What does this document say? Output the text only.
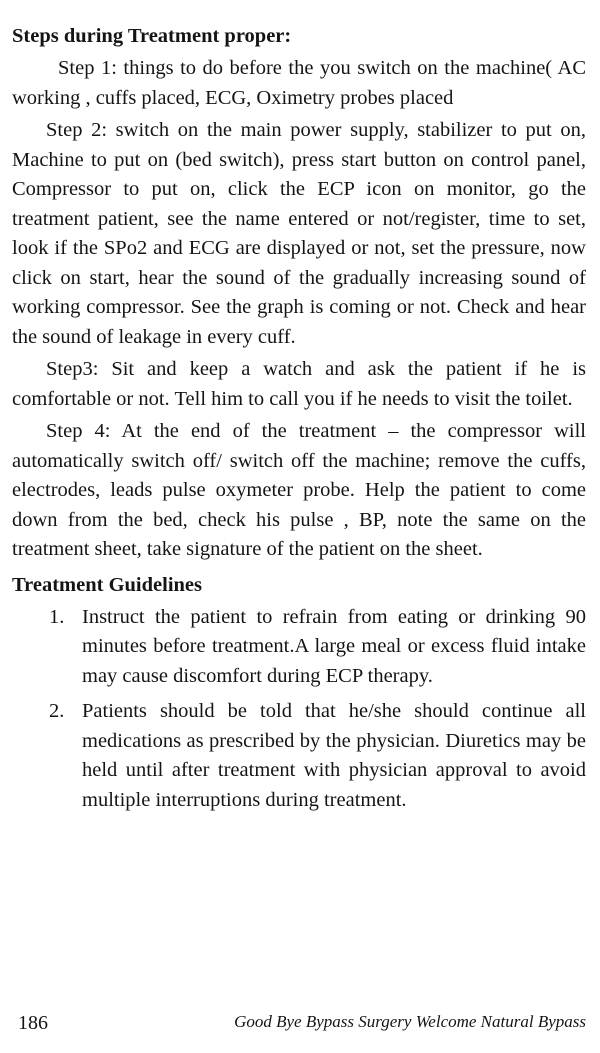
Steps during Treatment proper:

Step 1: things to do before the you switch on the machine( AC working , cuffs placed, ECG, Oximetry probes placed

Step 2: switch on the main power supply, stabilizer to put on, Machine to put on (bed switch), press start button on control panel, Compressor to put on, click the ECP icon on monitor, go the treatment patient, see the name entered or not/register, time to set, look if the SPo2 and ECG are displayed or not, set the pressure, now click on start, hear the sound of the gradually increasing sound of working compressor. See the graph is coming or not. Check and hear the sound of leakage in every cuff.

Step3: Sit and keep a watch and ask the patient if he is comfortable or not. Tell him to call you if he needs to visit the toilet.

Step 4: At the end of the treatment – the compressor will automatically switch off/ switch off the machine; remove the cuffs, electrodes, leads pulse oxymeter probe. Help the patient to come down from the bed, check his pulse , BP, note the same on the treatment sheet, take signature of the patient on the sheet.

Treatment Guidelines
1. Instruct the patient to refrain from eating or drinking 90 minutes before treatment.A large meal or excess fluid intake may cause discomfort during ECP therapy.
2. Patients should be told that he/she should continue all medications as prescribed by the physician. Diuretics may be held until after treatment with physician approval to avoid multiple interruptions during treatment.
186	Good Bye Bypass Surgery Welcome Natural Bypass
